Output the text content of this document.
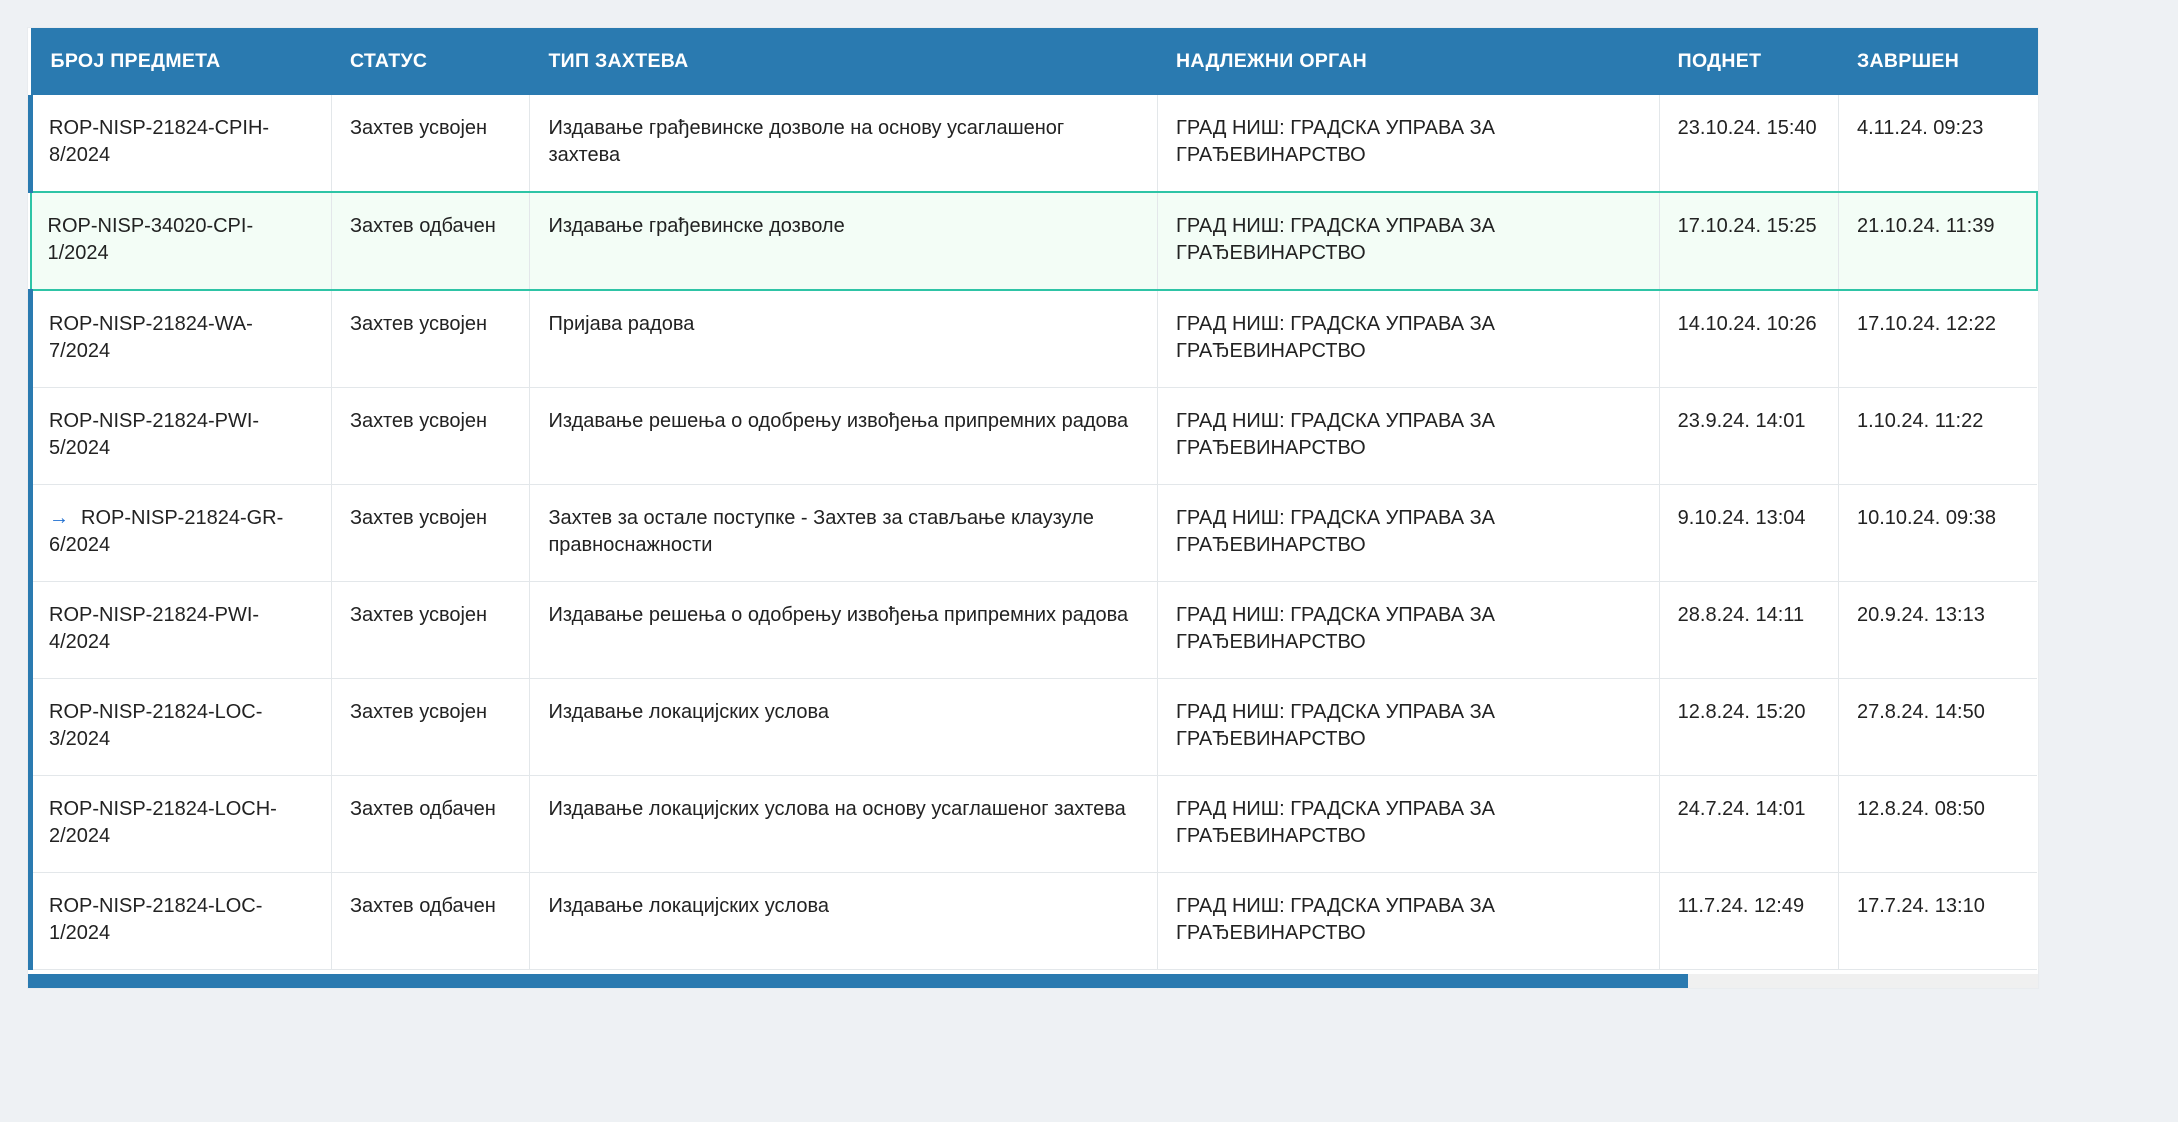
БРОЈ ПРЕДМЕТА	СТАТУС	ТИП ЗАХТЕВА	НАДЛЕЖНИ ОРГАН	ПОДНЕТ	ЗАВРШЕН
ROP-NISP-21824-CPIH-8/2024	Захтев усвојен	Издавање грађевинске дозволе на основу усаглашеног захтева	ГРАД НИШ: ГРАДСКА УПРАВА ЗА ГРАЂЕВИНАРСТВО	23.10.24. 15:40	4.11.24. 09:23
ROP-NISP-34020-CPI-1/2024	Захтев одбачен	Издавање грађевинске дозволе	ГРАД НИШ: ГРАДСКА УПРАВА ЗА ГРАЂЕВИНАРСТВО	17.10.24. 15:25	21.10.24. 11:39
ROP-NISP-21824-WA-7/2024	Захтев усвојен	Пријава радова	ГРАД НИШ: ГРАДСКА УПРАВА ЗА ГРАЂЕВИНАРСТВО	14.10.24. 10:26	17.10.24. 12:22
ROP-NISP-21824-PWI-5/2024	Захтев усвојен	Издавање решења о одобрењу извођења припремних радова	ГРАД НИШ: ГРАДСКА УПРАВА ЗА ГРАЂЕВИНАРСТВО	23.9.24. 14:01	1.10.24. 11:22
→ ROP-NISP-21824-GR-6/2024	Захтев усвојен	Захтев за остале поступке - Захтев за стављање клаузуле правноснажности	ГРАД НИШ: ГРАДСКА УПРАВА ЗА ГРАЂЕВИНАРСТВО	9.10.24. 13:04	10.10.24. 09:38
ROP-NISP-21824-PWI-4/2024	Захтев усвојен	Издавање решења о одобрењу извођења припремних радова	ГРАД НИШ: ГРАДСКА УПРАВА ЗА ГРАЂЕВИНАРСТВО	28.8.24. 14:11	20.9.24. 13:13
ROP-NISP-21824-LOC-3/2024	Захтев усвојен	Издавање локацијских услова	ГРАД НИШ: ГРАДСКА УПРАВА ЗА ГРАЂЕВИНАРСТВО	12.8.24. 15:20	27.8.24. 14:50
ROP-NISP-21824-LOCH-2/2024	Захтев одбачен	Издавање локацијских услова на основу усаглашеног захтева	ГРАД НИШ: ГРАДСКА УПРАВА ЗА ГРАЂЕВИНАРСТВО	24.7.24. 14:01	12.8.24. 08:50
ROP-NISP-21824-LOC-1/2024	Захтев одбачен	Издавање локацијских услова	ГРАД НИШ: ГРАДСКА УПРАВА ЗА ГРАЂЕВИНАРСТВО	11.7.24. 12:49	17.7.24. 13:10
